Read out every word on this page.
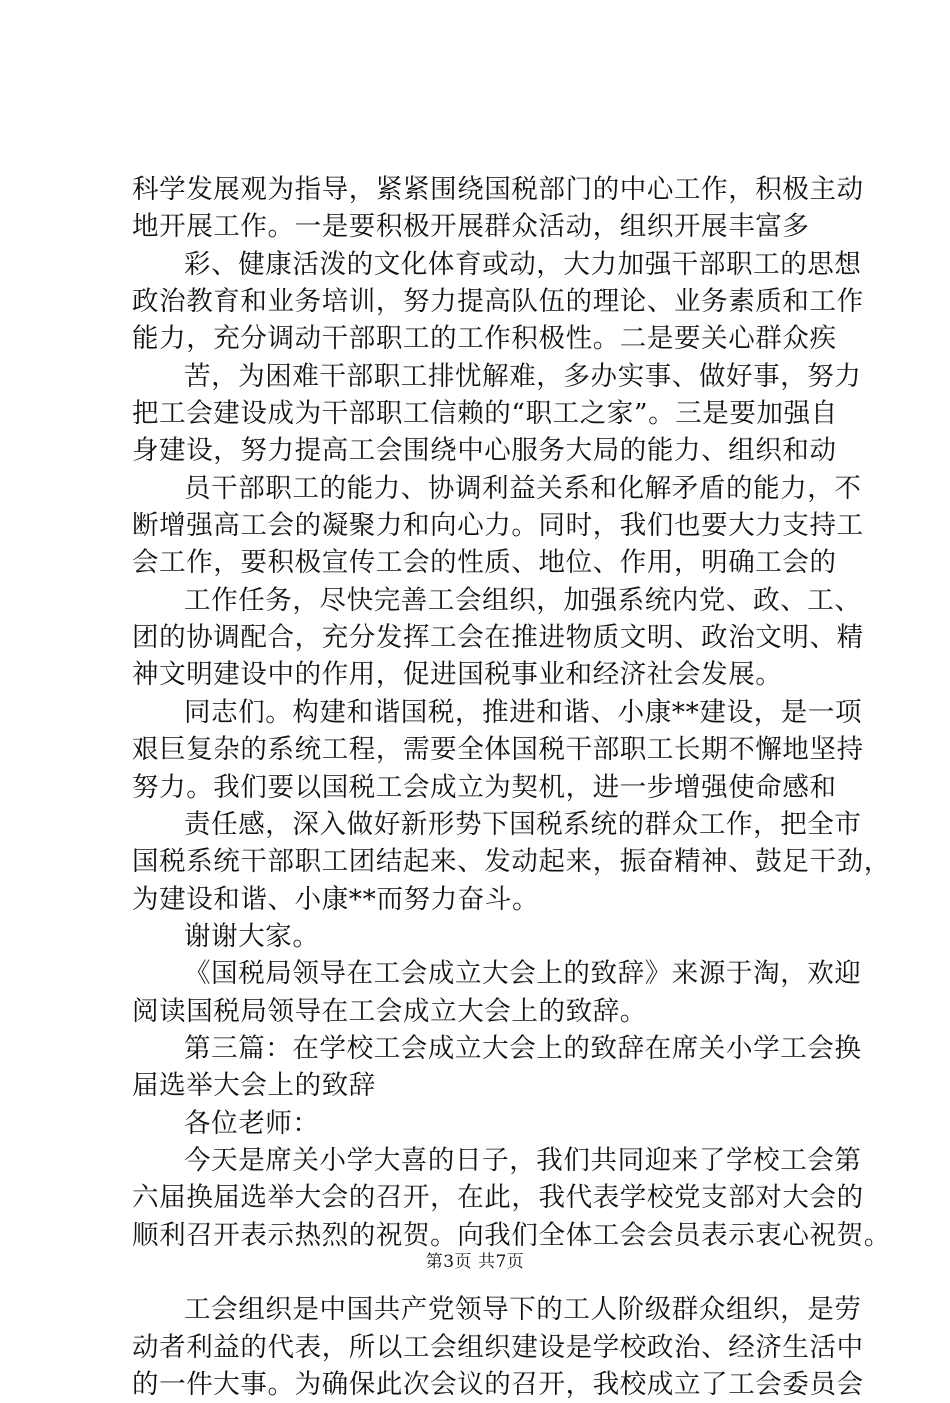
科学发展观为指导，紧紧围绕国税部门的中心工作，积极主动
地开展工作。一是要积极开展群众活动，组织开展丰富多
彩、健康活泼的文化体育或动，大力加强干部职工的思想
政治教育和业务培训，努力提高队伍的理论、业务素质和工作
能力，充分调动干部职工的工作积极性。二是要关心群众疾
苦，为困难干部职工排忧解难，多办实事、做好事，努力
把工会建设成为干部职工信赖的“职工之家”。三是要加强自
身建设，努力提高工会围绕中心服务大局的能力、组织和动
员干部职工的能力、协调利益关系和化解矛盾的能力，不
断增强高工会的凝聚力和向心力。同时，我们也要大力支持工
会工作，要积极宣传工会的性质、地位、作用，明确工会的
工作任务，尽快完善工会组织，加强系统内党、政、工、
团的协调配合，充分发挥工会在推进物质文明、政治文明、精
神文明建设中的作用，促进国税事业和经济社会发展。
同志们。构建和谐国税，推进和谐、小康**建设，是一项
艰巨复杂的系统工程，需要全体国税干部职工长期不懈地坚持
努力。我们要以国税工会成立为契机，进一步增强使命感和
责任感，深入做好新形势下国税系统的群众工作，把全市
国税系统干部职工团结起来、发动起来，振奋精神、鼓足干劲，
为建设和谐、小康**而努力奋斗。
谢谢大家。
《国税局领导在工会成立大会上的致辞》来源于淘，欢迎
阅读国税局领导在工会成立大会上的致辞。
第三篇：在学校工会成立大会上的致辞在席关小学工会换
届选举大会上的致辞
各位老师：
今天是席关小学大喜的日子，我们共同迎来了学校工会第
六届换届选举大会的召开，在此，我代表学校党支部对大会的
顺利召开表示热烈的祝贺。向我们全体工会会员表示衷心祝贺。
工会组织是中国共产党领导下的工人阶级群众组织，是劳
动者利益的代表，所以工会组织建设是学校政治、经济生活中
的一件大事。为确保此次会议的召开，我校成立了工会委员会
第3页 共7页
